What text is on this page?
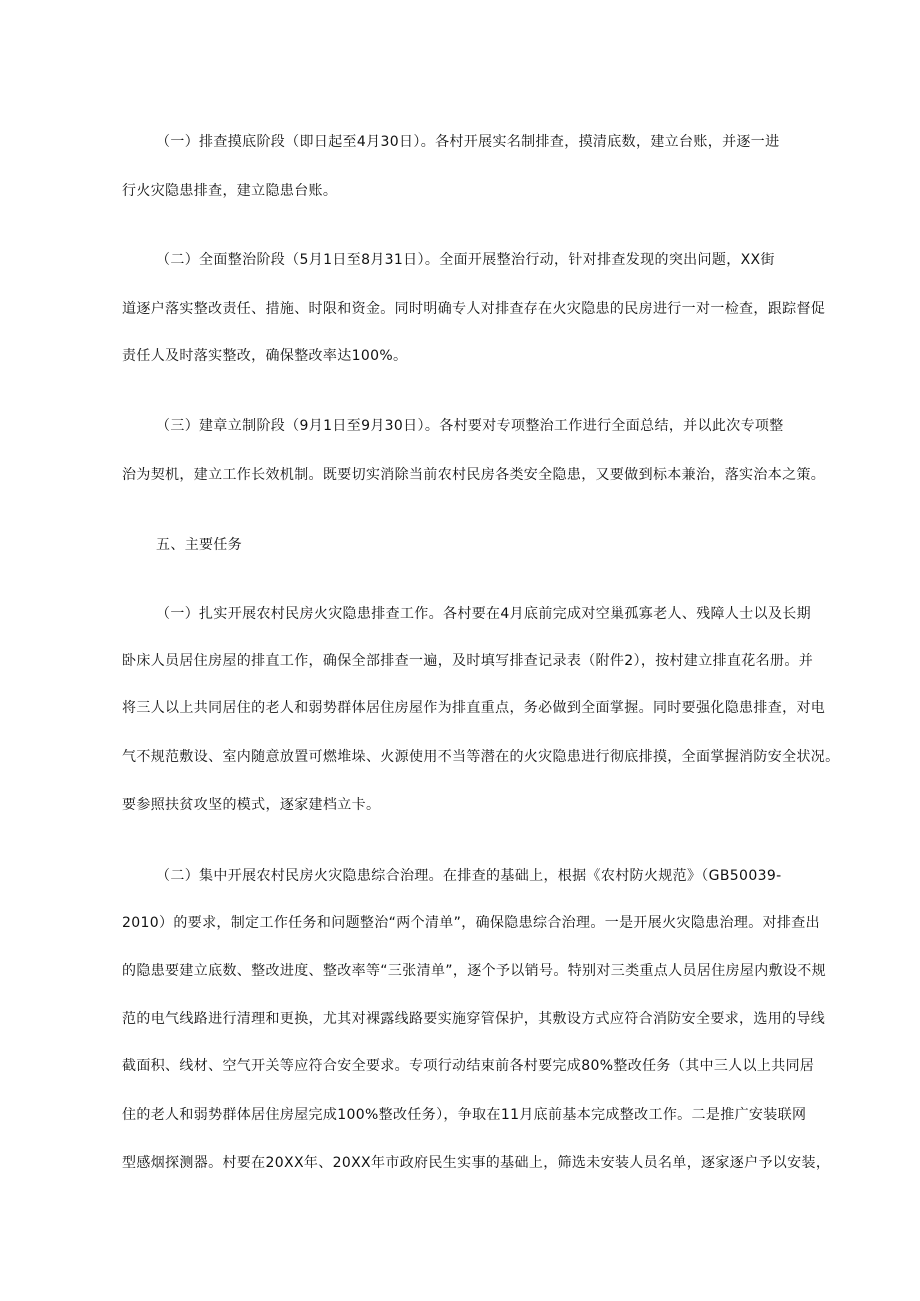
（一）排查摸底阶段（即日起至4月30日）。各村开展实名制排查，摸清底数，建立台账，并逐一进
行火灾隐患排查，建立隐患台账。
（二）全面整治阶段（5月1日至8月31日）。全面开展整治行动，针对排查发现的突出问题，XX街
道逐户落实整改责任、措施、时限和资金。同时明确专人对排查存在火灾隐患的民房进行一对一检查，跟踪督促
责任人及时落实整改，确保整改率达100%。
（三）建章立制阶段（9月1日至9月30日）。各村要对专项整治工作进行全面总结，并以此次专项整
治为契机，建立工作长效机制。既要切实消除当前农村民房各类安全隐患，又要做到标本兼治，落实治本之策。
五、主要任务
（一）扎实开展农村民房火灾隐患排查工作。各村要在4月底前完成对空巢孤寡老人、残障人士以及长期
卧床人员居住房屋的排直工作，确保全部排查一遍，及时填写排查记录表（附件2），按村建立排直花名册。并
将三人以上共同居住的老人和弱势群体居住房屋作为排直重点，务必做到全面掌握。同时要强化隐患排查，对电
气不规范敷设、室内随意放置可燃堆垛、火源使用不当等潜在的火灾隐患进行彻底排摸，全面掌握消防安全状况。
要参照扶贫攻坚的模式，逐家建档立卡。
（二）集中开展农村民房火灾隐患综合治理。在排查的基础上，根据《农村防火规范》（GB50039-
2010）的要求，制定工作任务和问题整治“两个清单”，确保隐患综合治理。一是开展火灾隐患治理。对排查出
的隐患要建立底数、整改进度、整改率等“三张清单”，逐个予以销号。特别对三类重点人员居住房屋内敷设不规
范的电气线路进行清理和更换，尤其对裸露线路要实施穿管保护，其敷设方式应符合消防安全要求，选用的导线
截面积、线材、空气开关等应符合安全要求。专项行动结束前各村要完成80%整改任务（其中三人以上共同居
住的老人和弱势群体居住房屋完成100%整改任务），争取在11月底前基本完成整改工作。二是推广安装联网
型感烟探测器。村要在20XX年、20XX年市政府民生实事的基础上，筛选未安装人员名单，逐家逐户予以安装，
